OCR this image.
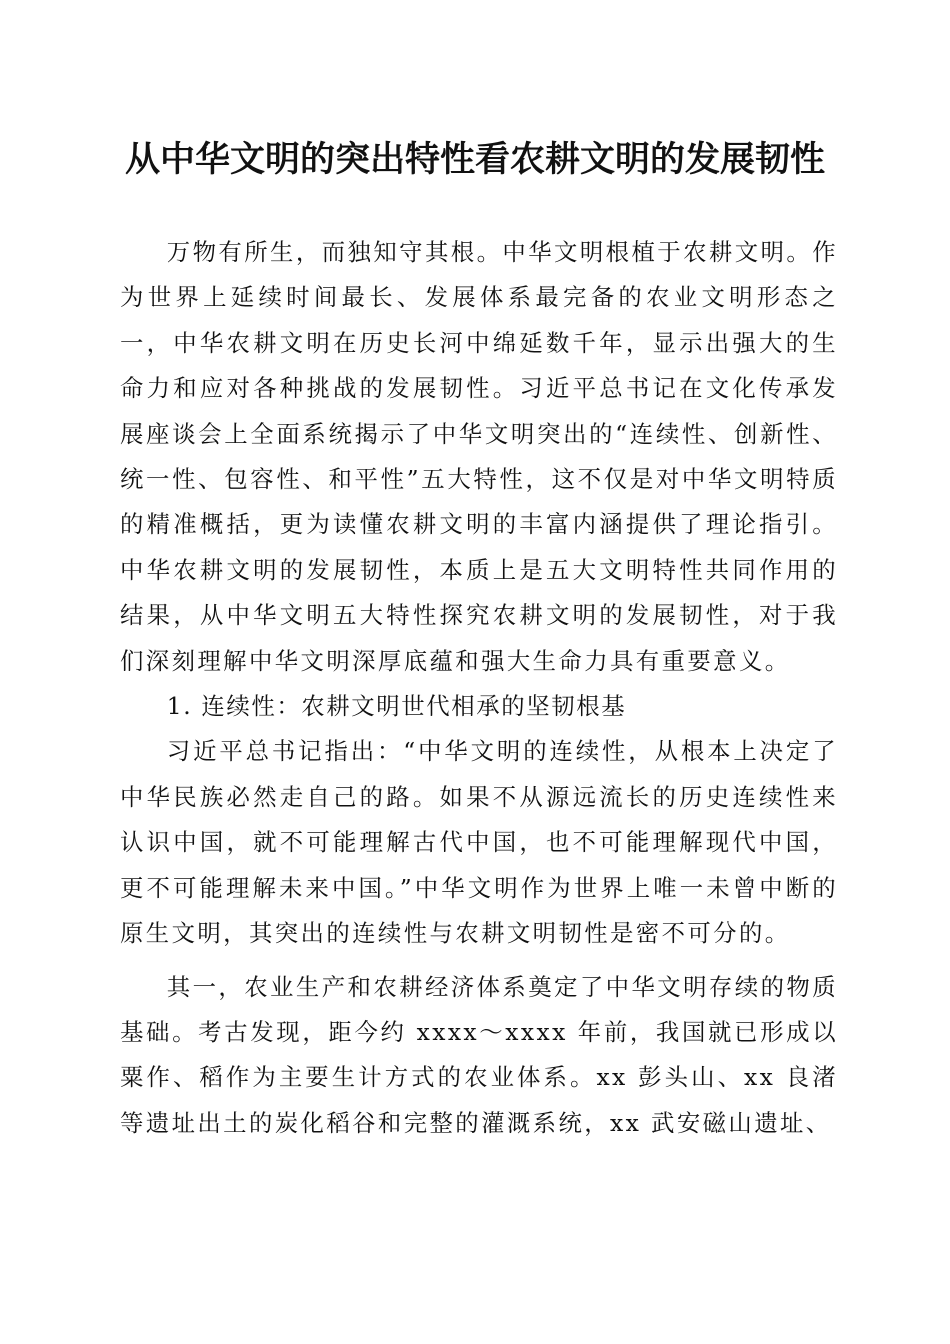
从中华文明的突出特性看农耕文明的发展韧性

万物有所生，而独知守其根。中华文明根植于农耕文明。作为世界上延续时间最长、发展体系最完备的农业文明形态之一，中华农耕文明在历史长河中绵延数千年，显示出强大的生命力和应对各种挑战的发展韧性。习近平总书记在文化传承发展座谈会上全面系统揭示了中华文明突出的“连续性、创新性、统一性、包容性、和平性”五大特性，这不仅是对中华文明特质的精准概括，更为读懂农耕文明的丰富内涵提供了理论指引。中华农耕文明的发展韧性，本质上是五大文明特性共同作用的结果，从中华文明五大特性探究农耕文明的发展韧性，对于我们深刻理解中华文明深厚底蕴和强大生命力具有重要意义。

1. 连续性：农耕文明世代相承的坚韧根基

习近平总书记指出：“中华文明的连续性，从根本上决定了中华民族必然走自己的路。如果不从源远流长的历史连续性来认识中国，就不可能理解古代中国，也不可能理解现代中国，更不可能理解未来中国。”中华文明作为世界上唯一未曾中断的原生文明，其突出的连续性与农耕文明韧性是密不可分的。

其一，农业生产和农耕经济体系奠定了中华文明存续的物质基础。考古发现，距今约 xxxx～xxxx 年前，我国就已形成以粟作、稻作为主要生计方式的农业体系。xx 彭头山、xx 良渚等遗址出土的炭化稻谷和完整的灌溉系统，xx 武安磁山遗址、
